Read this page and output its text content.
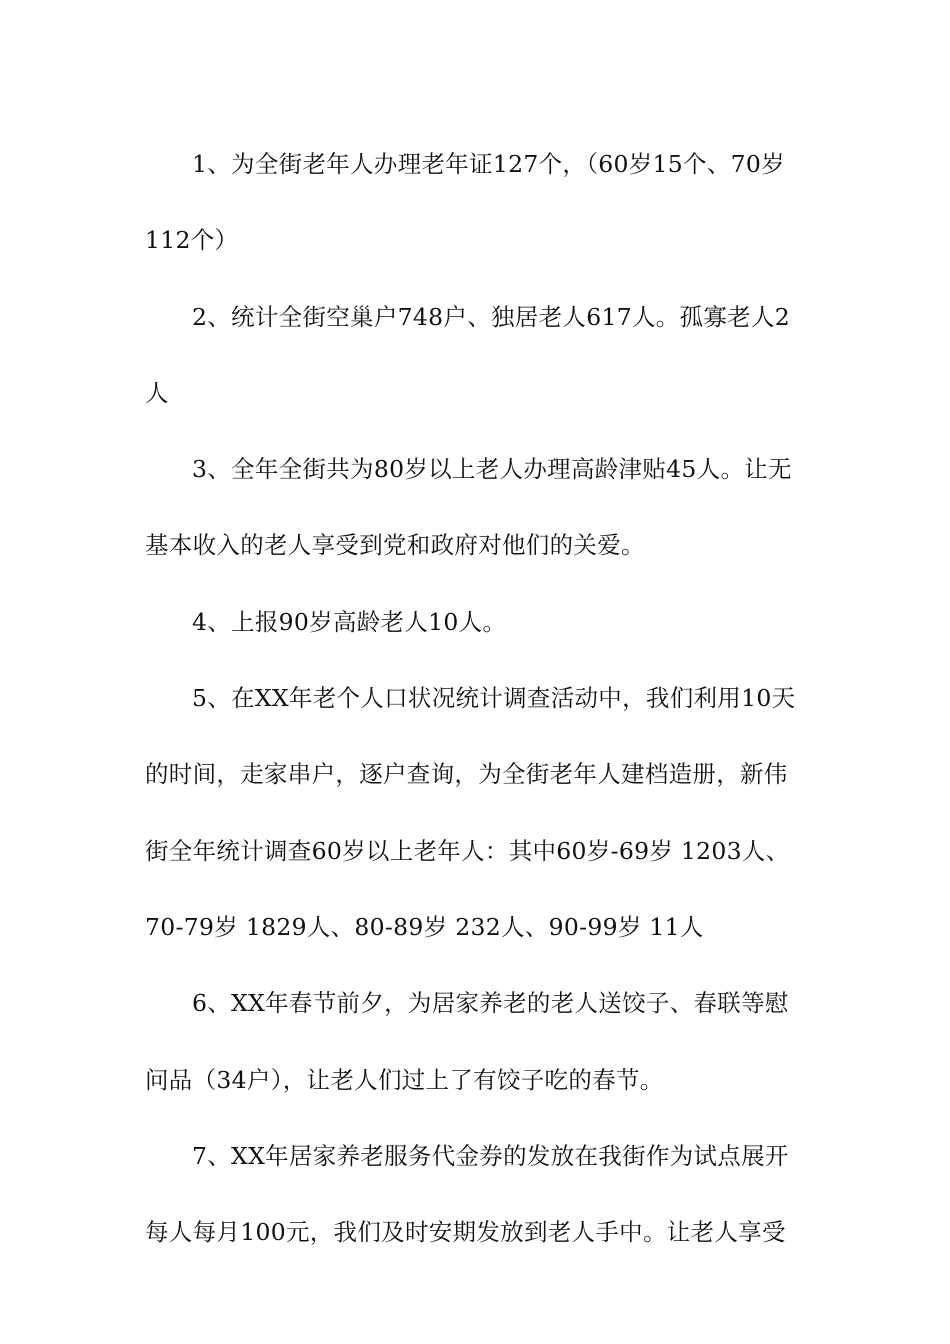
1、为全街老年人办理老年证127个，（60岁15个、70岁
112个）
2、统计全街空巢户748户、独居老人617人。孤寡老人2
人
3、全年全街共为80岁以上老人办理高龄津贴45人。让无
基本收入的老人享受到党和政府对他们的关爱。
4、上报90岁高龄老人10人。
5、在XX年老个人口状况统计调查活动中，我们利用10天
的时间，走家串户，逐户查询，为全街老年人建档造册，新伟
街全年统计调查60岁以上老年人：其中60岁-69岁 1203人、
70-79岁 1829人、80-89岁 232人、90-99岁 11人
6、XX年春节前夕，为居家养老的老人送饺子、春联等慰
问品（34户），让老人们过上了有饺子吃的春节。
7、XX年居家养老服务代金券的发放在我街作为试点展开
每人每月100元，我们及时安期发放到老人手中。让老人享受
